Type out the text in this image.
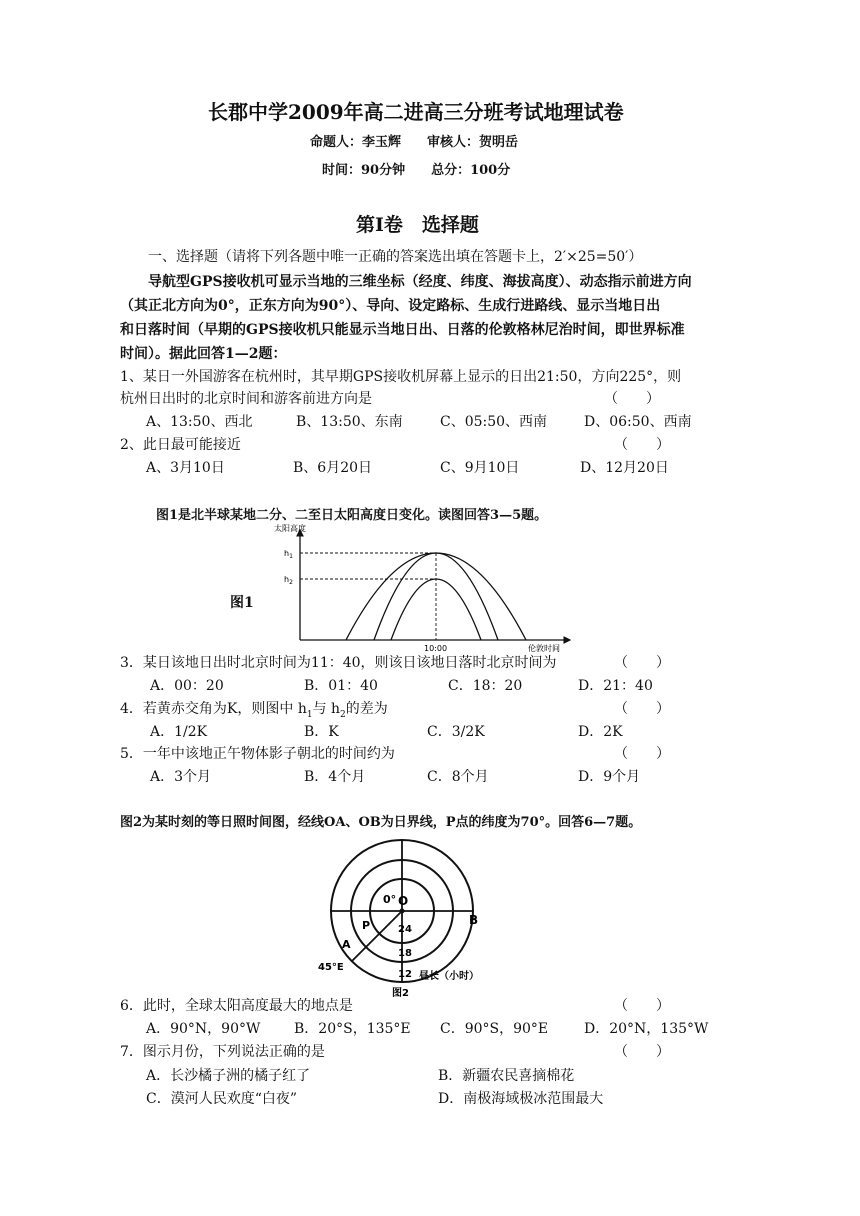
长郡中学2009年高二进高三分班考试地理试卷
命题人：李玉辉　　审核人：贺明岳
时间：90分钟　　总分：100分
第Ⅰ卷　选择题
一、选择题（请将下列各题中唯一正确的答案选出填在答题卡上，2′×25=50′）
导航型GPS接收机可显示当地的三维坐标（经度、纬度、海拔高度）、动态指示前进方向
（其正北方向为0°，正东方向为90°）、导向、设定路标、生成行进路线、显示当地日出
和日落时间（早期的GPS接收机只能显示当地日出、日落的伦敦格林尼治时间，即世界标准
时间）。据此回答1—2题：
1、某日一外国游客在杭州时，其早期GPS接收机屏幕上显示的日出21:50，方向225°，则
杭州日出时的北京时间和游客前进方向是	（　　）
A、13:50、西北	B、13:50、东南	C、05:50、西南	D、06:50、西南
2、此日最可能接近	（　　）
A、3月10日	B、6月20日	C、9月10日	D、12月20日
图1是北半球某地二分、二至日太阳高度日变化。读图回答3—5题。
图1
太阳高度
$h_1$
$h_2$
10:00	伦敦时间
3．某日该地日出时北京时间为11：40，则该日该地日落时北京时间为	（　　）
A．00：20	B．01：40	C．18：20	D．21：40
4．若黄赤交角为K，则图中 $h_1$与 $h_2$的差为	（　　）
A．1/2K	B．K	C．3/2K	D．2K
5．一年中该地正午物体影子朝北的时间约为	（　　）
A．3个月	B．4个月	C．8个月	D．9个月
图2为某时刻的等日照时间图，经线OA、OB为日界线，P点的纬度为70°。回答6—7题。
0° O
B
P
A
45°E
24
18
12 昼长（小时）
图2
6．此时，全球太阳高度最大的地点是	（　　）
A．90°N，90°W B．20°S，135°E C．90°S，90°E	D．20°N，135°W
7．图示月份，下列说法正确的是	（　　）
A．长沙橘子洲的橘子红了	B．新疆农民喜摘棉花
C．漠河人民欢度“白夜”	D．南极海域极冰范围最大
